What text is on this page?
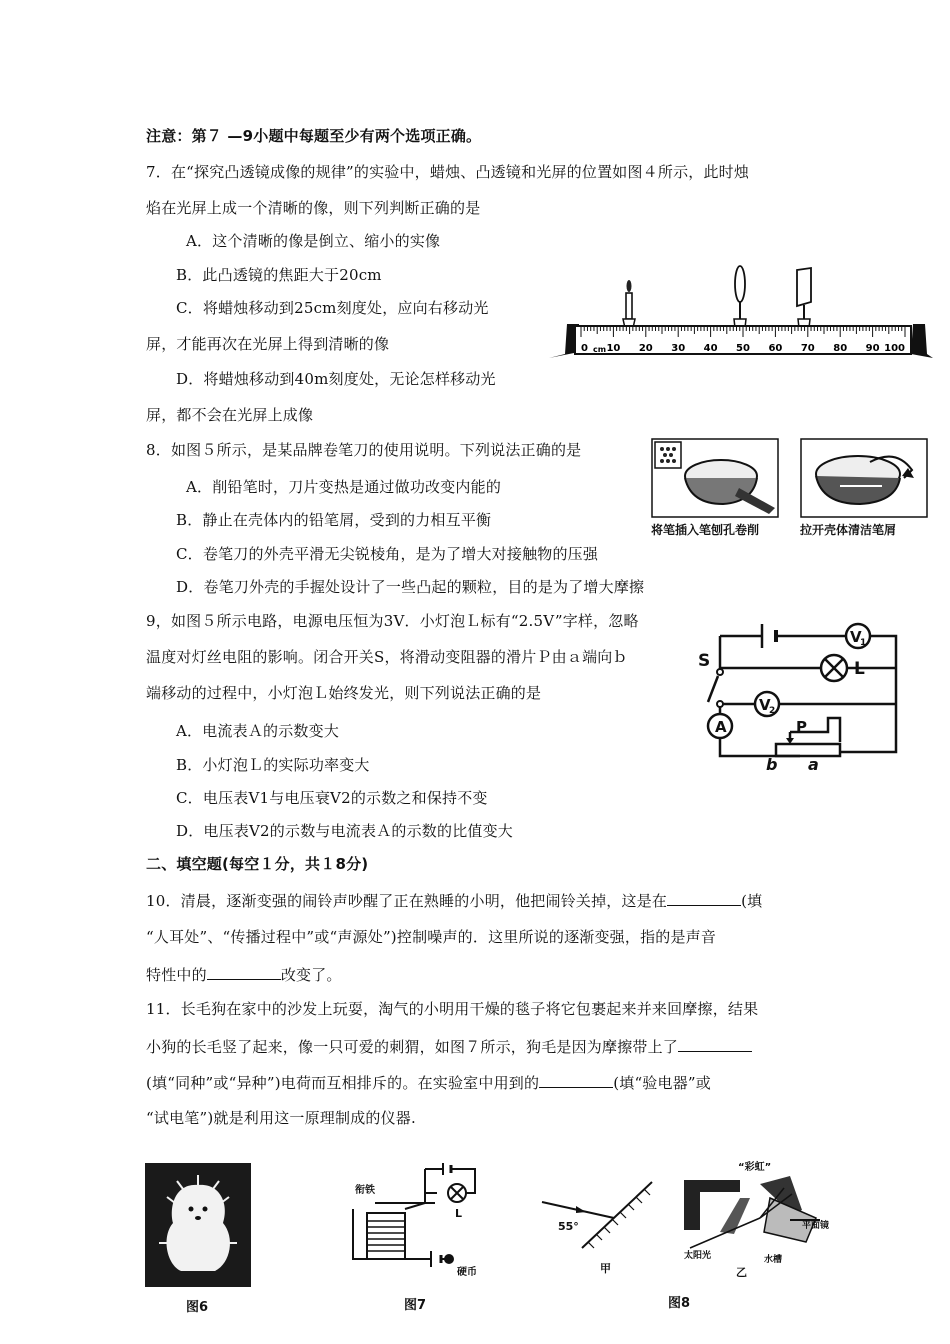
注意：第７ —9小题中每题至少有两个选项正确。
7．在“探究凸透镜成像的规律”的实验中，蜡烛、凸透镜和光屏的位置如图４所示，此时烛
焰在光屏上成一个清晰的像，则下列判断正确的是
A．这个清晰的像是倒立、缩小的实像
B．此凸透镜的焦距大于20cm
C．将蜡烛移动到25cm刻度处，应向右移动光
屏，才能再次在光屏上得到清晰的像
D．将蜡烛移动到40m刻度处，无论怎样移动光
屏，都不会在光屏上成像
0 10 20 30 40 50 60 70 80 90 100
cm
8．如图５所示，是某品牌卷笔刀的使用说明。下列说法正确的是
A．削铅笔时，刀片变热是通过做功改变内能的
B．静止在壳体内的铅笔屑，受到的力相互平衡
C．卷笔刀的外壳平滑无尖锐棱角，是为了增大对接触物的压强
D．卷笔刀外壳的手握处设计了一些凸起的颗粒，目的是为了增大摩擦
将笔插入笔刨孔卷削	拉开壳体清洁笔屑
9，如图５所示电路，电源电压恒为3V．小灯泡Ｌ标有“2.5V”字样，忽略
温度对灯丝电阻的影响。闭合开关S，将滑动变阻器的滑片Ｐ由ａ端向ｂ
端移动的过程中，小灯泡Ｌ始终发光，则下列说法正确的是
A．电流表Ａ的示数变大
B．小灯泡Ｌ的实际功率变大
C．电压表V1与电压衰V2的示数之和保持不变
D．电压表V2的示数与电流表Ａ的示数的比值变大
V
1
V
2
A
S	L
P
b a
二、填空题(每空１分，共１8分)
10．清晨，逐渐变强的闹铃声吵醒了正在熟睡的小明，他把闹铃关掉，这是在	(填
“人耳处”、“传播过程中”或“声源处”)控制噪声的．这里所说的逐渐变强，指的是声音
特性中的	改变了。
11．长毛狗在家中的沙发上玩耍，淘气的小明用干燥的毯子将它包裹起来并来回摩擦，结果
小狗的长毛竖了起来，像一只可爱的刺猬，如图７所示，狗毛是因为摩擦带上了
(填“同种”或“异种”)电荷而互相排斥的。在实验室中用到的	(填“验电器”或
“试电笔”)就是利用这一原理制成的仪器.
衔铁
L
硬币
55°
甲
“彩虹”
平面镜
太阳光	水槽
乙
图6	图7	图8
